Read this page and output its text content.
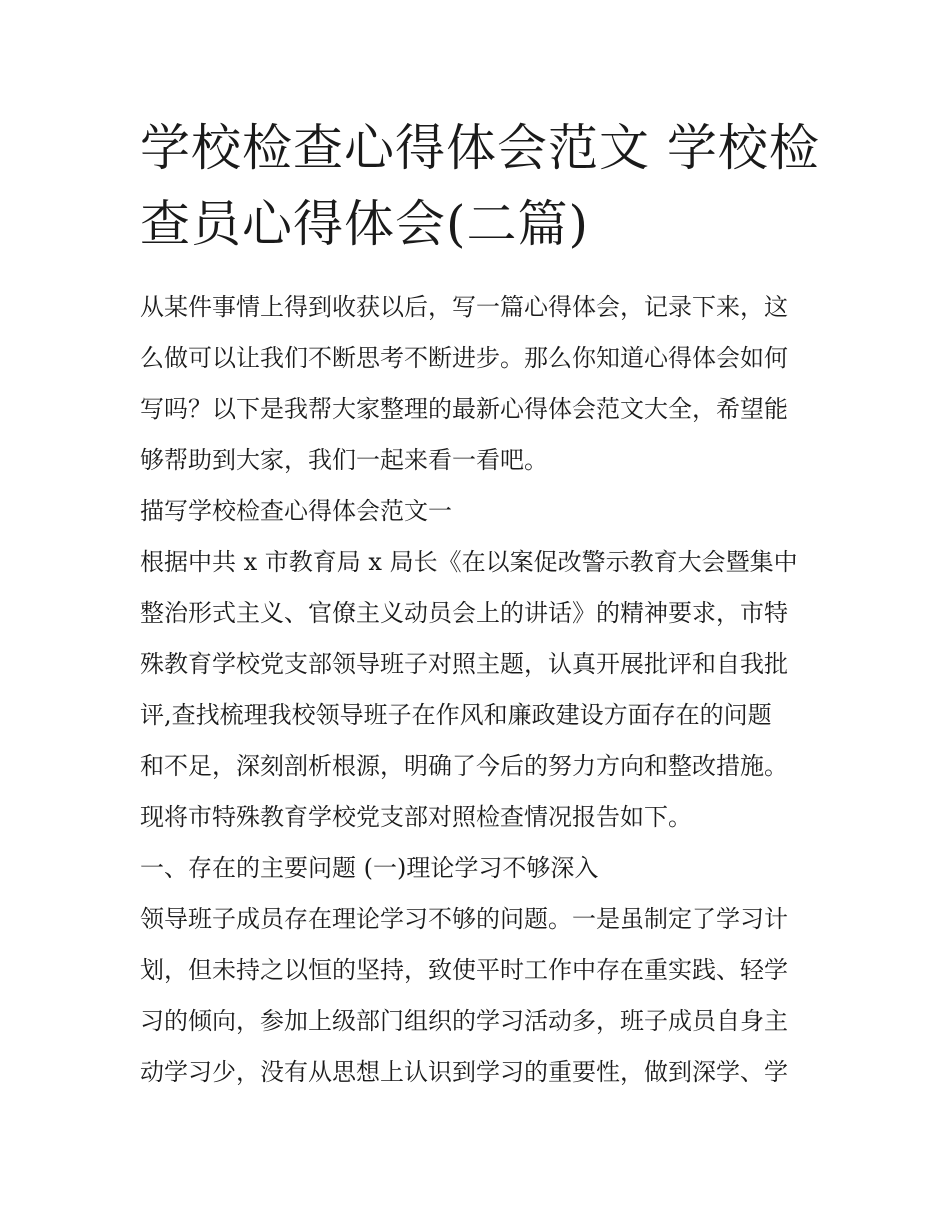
学校检查心得体会范文 学校检
查员心得体会(二篇)

从某件事情上得到收获以后，写一篇心得体会，记录下来，这
么做可以让我们不断思考不断进步。那么你知道心得体会如何
写吗？以下是我帮大家整理的最新心得体会范文大全，希望能
够帮助到大家，我们一起来看一看吧。

描写学校检查心得体会范文一

根据中共 x 市教育局 x 局长《在以案促改警示教育大会暨集中
整治形式主义、官僚主义动员会上的讲话》的精神要求，市特
殊教育学校党支部领导班子对照主题，认真开展批评和自我批
评,查找梳理我校领导班子在作风和廉政建设方面存在的问题
和不足，深刻剖析根源，明确了今后的努力方向和整改措施。
现将市特殊教育学校党支部对照检查情况报告如下。

一、存在的主要问题 (一)理论学习不够深入

领导班子成员存在理论学习不够的问题。一是虽制定了学习计
划，但未持之以恒的坚持，致使平时工作中存在重实践、轻学
习的倾向，参加上级部门组织的学习活动多，班子成员自身主
动学习少，没有从思想上认识到学习的重要性，做到深学、学
